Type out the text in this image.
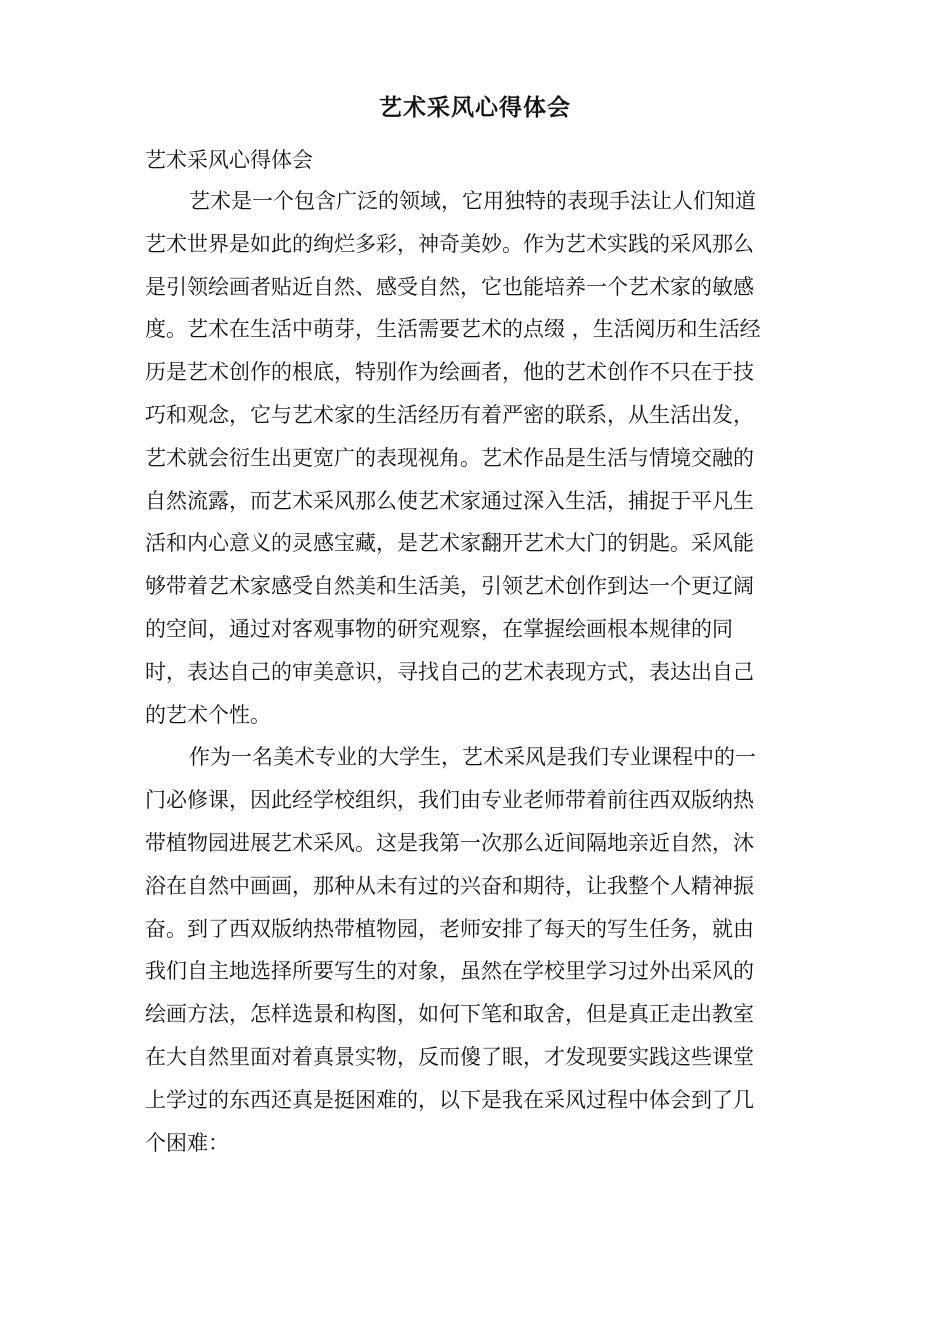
艺术采风心得体会

艺术采风心得体会

艺术是一个包含广泛的领域，它用独特的表现手法让人们知道
艺术世界是如此的绚烂多彩，神奇美妙。作为艺术实践的采风那么
是引领绘画者贴近自然、感受自然，它也能培养一个艺术家的敏感
度。艺术在生活中萌芽，生活需要艺术的点缀 ，生活阅历和生活经
历是艺术创作的根底，特别作为绘画者，他的艺术创作不只在于技
巧和观念，它与艺术家的生活经历有着严密的联系，从生活出发，
艺术就会衍生出更宽广的表现视角。艺术作品是生活与情境交融的
自然流露，而艺术采风那么使艺术家通过深入生活，捕捉于平凡生
活和内心意义的灵感宝藏，是艺术家翻开艺术大门的钥匙。采风能
够带着艺术家感受自然美和生活美，引领艺术创作到达一个更辽阔
的空间，通过对客观事物的研究观察，在掌握绘画根本规律的同
时，表达自己的审美意识，寻找自己的艺术表现方式，表达出自己
的艺术个性。
作为一名美术专业的大学生，艺术采风是我们专业课程中的一
门必修课，因此经学校组织，我们由专业老师带着前往西双版纳热
带植物园进展艺术采风。这是我第一次那么近间隔地亲近自然，沐
浴在自然中画画，那种从未有过的兴奋和期待，让我整个人精神振
奋。到了西双版纳热带植物园，老师安排了每天的写生任务，就由
我们自主地选择所要写生的对象，虽然在学校里学习过外出采风的
绘画方法，怎样选景和构图，如何下笔和取舍，但是真正走出教室
在大自然里面对着真景实物，反而傻了眼，才发现要实践这些课堂
上学过的东西还真是挺困难的，以下是我在采风过程中体会到了几
个困难：
